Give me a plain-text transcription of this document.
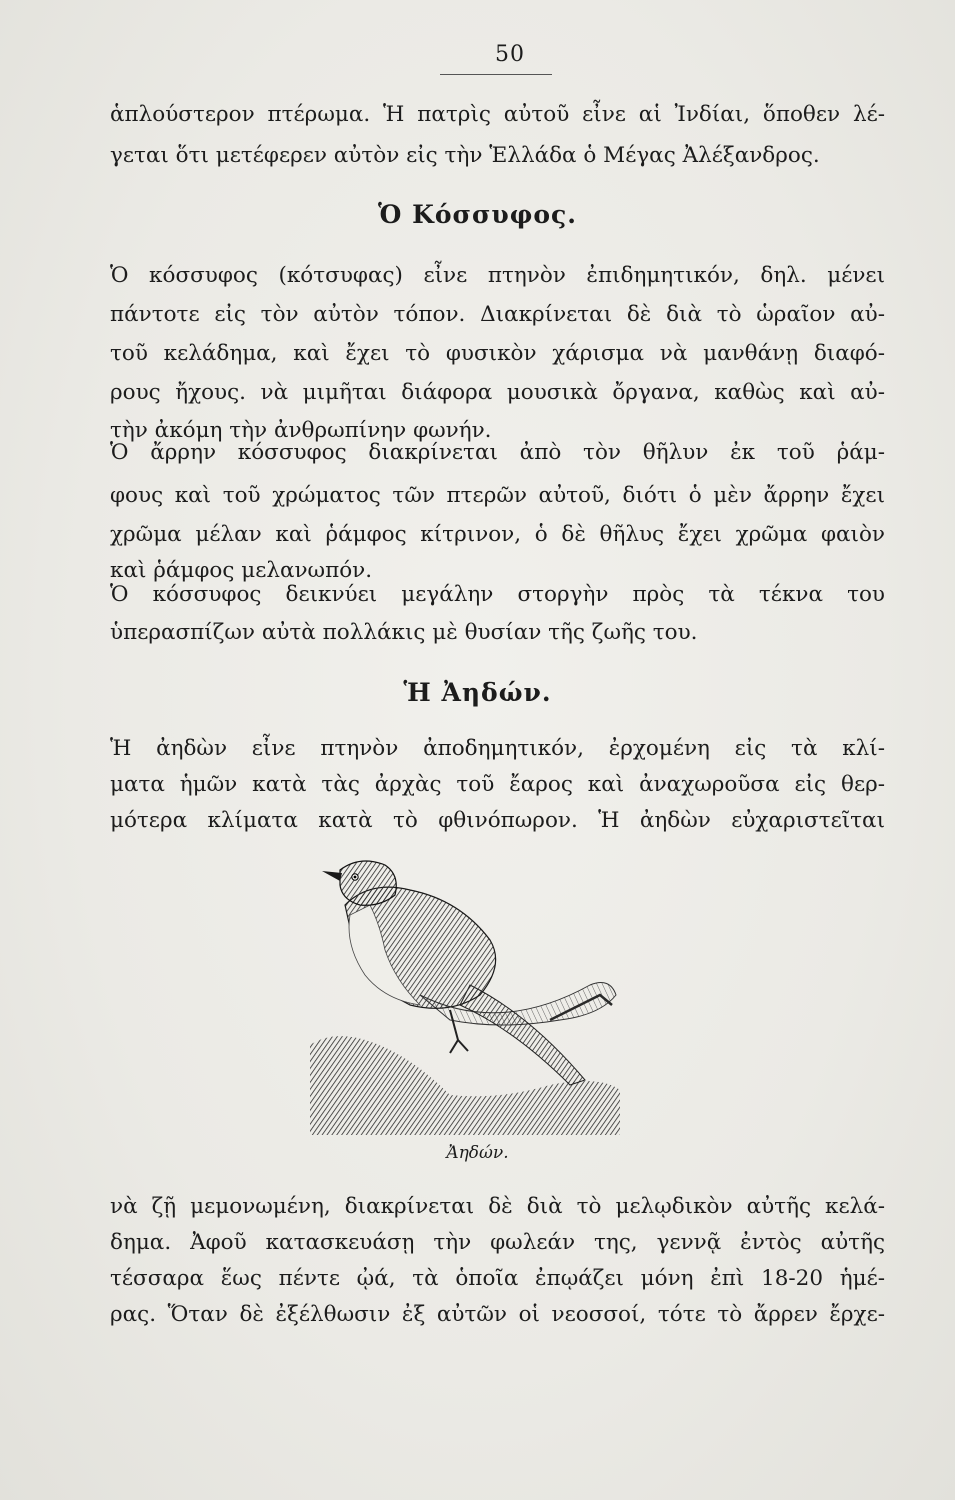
50
ἁπλούστερον πτέρωμα. Ἡ πατρὶς αὐτοῦ εἶνε αἱ Ἰνδίαι, ὅποθεν λέ-
γεται ὅτι μετέφερεν αὐτὸν εἰς τὴν Ἑλλάδα ὁ Μέγας Ἀλέξανδρος.
Ὁ Κόσσυφος.
Ὁ κόσσυφος (κότσυφας) εἶνε πτηνὸν ἐπιδημητικόν, δηλ. μένει
πάντοτε εἰς τὸν αὐτὸν τόπον. Διακρίνεται δὲ διὰ τὸ ὡραῖον αὐ-
τοῦ κελάδημα, καὶ ἔχει τὸ φυσικὸν χάρισμα νὰ μανθάνῃ διαφό-
ρους ἤχους. νὰ μιμῆται διάφορα μουσικὰ ὄργανα, καθὼς καὶ αὐ-
τὴν ἀκόμη τὴν ἀνθρωπίνην φωνήν.
Ὁ ἄρρην κόσσυφος διακρίνεται ἀπὸ τὸν θῆλυν ἐκ τοῦ ῥάμ-
φους καὶ τοῦ χρώματος τῶν πτερῶν αὐτοῦ, διότι ὁ μὲν ἄρρην ἔχει
χρῶμα μέλαν καὶ ῥάμφος κίτρινον, ὁ δὲ θῆλυς ἔχει χρῶμα φαιὸν
καὶ ῥάμφος μελανωπόν.
Ὁ κόσσυφος δεικνύει μεγάλην στοργὴν πρὸς τὰ τέκνα του
ὑπερασπίζων αὐτὰ πολλάκις μὲ θυσίαν τῆς ζωῆς του.
Ἡ Ἀηδών.
Ἡ ἀηδὼν εἶνε πτηνὸν ἀποδημητικόν, ἐρχομένη εἰς τὰ κλί-
ματα ἡμῶν κατὰ τὰς ἀρχὰς τοῦ ἔαρος καὶ ἀναχωροῦσα εἰς θερ-
μότερα κλίματα κατὰ τὸ φθινόπωρον. Ἡ ἀηδὼν εὐχαριστεῖται
Ἀηδών.
νὰ ζῇ μεμονωμένη, διακρίνεται δὲ διὰ τὸ μελῳδικὸν αὐτῆς κελά-
δημα. Ἀφοῦ κατασκευάσῃ τὴν φωλεάν της, γεννᾷ ἐντὸς αὐτῆς
τέσσαρα ἕως πέντε ᾠά, τὰ ὁποῖα ἐπῳάζει μόνη ἐπὶ 18-20 ἡμέ-
ρας. Ὅταν δὲ ἐξέλθωσιν ἐξ αὐτῶν οἱ νεοσσοί, τότε τὸ ἄρρεν ἔρχε-
